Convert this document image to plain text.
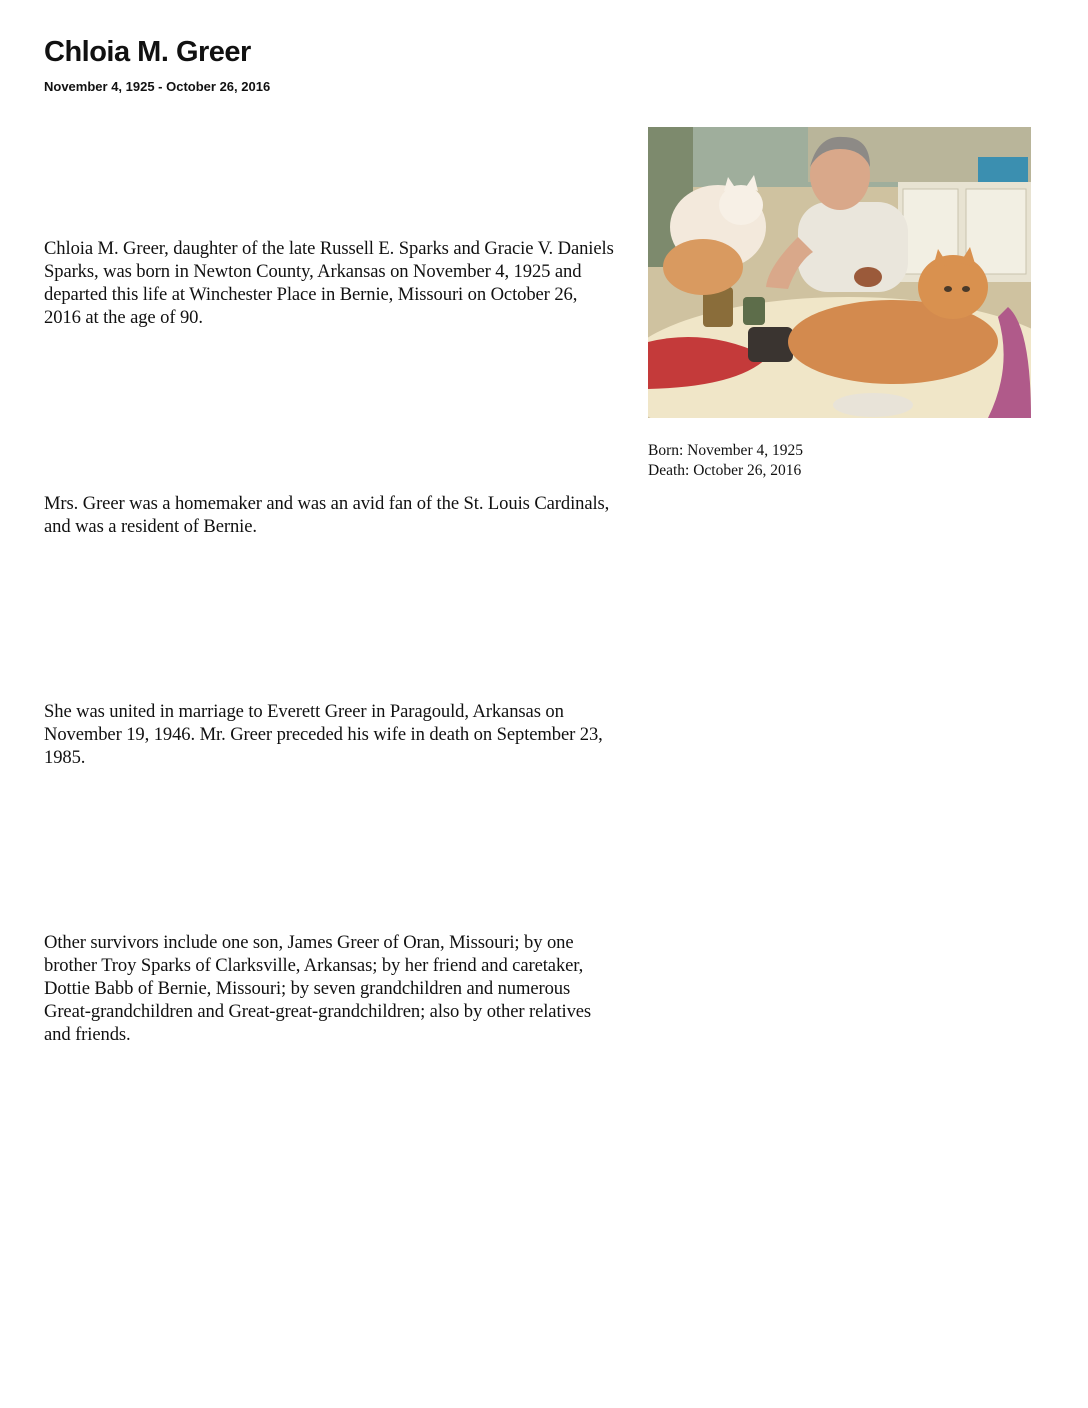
Chloia M. Greer

November 4, 1925 - October 26, 2016

Chloia M. Greer, daughter of the late Russell E. Sparks and Gracie V. Daniels Sparks, was born in Newton County, Arkansas on November 4, 1925 and departed this life at Winchester Place in Bernie, Missouri on October 26, 2016 at the age of 90.

Mrs. Greer was a homemaker and was an avid fan of the St. Louis Cardinals, and was a resident of Bernie.

She was united in marriage to Everett Greer in Paragould, Arkansas on November 19, 1946. Mr. Greer preceded his wife in death on September 23, 1985.

Other survivors include one son, James Greer of Oran, Missouri; by one brother Troy Sparks of Clarksville, Arkansas; by her friend and caretaker, Dottie Babb of Bernie, Missouri; by seven grandchildren and numerous Great-grandchildren and Great-great-grandchildren; also by other relatives and friends.

Born: November 4, 1925
Death: October 26, 2016
